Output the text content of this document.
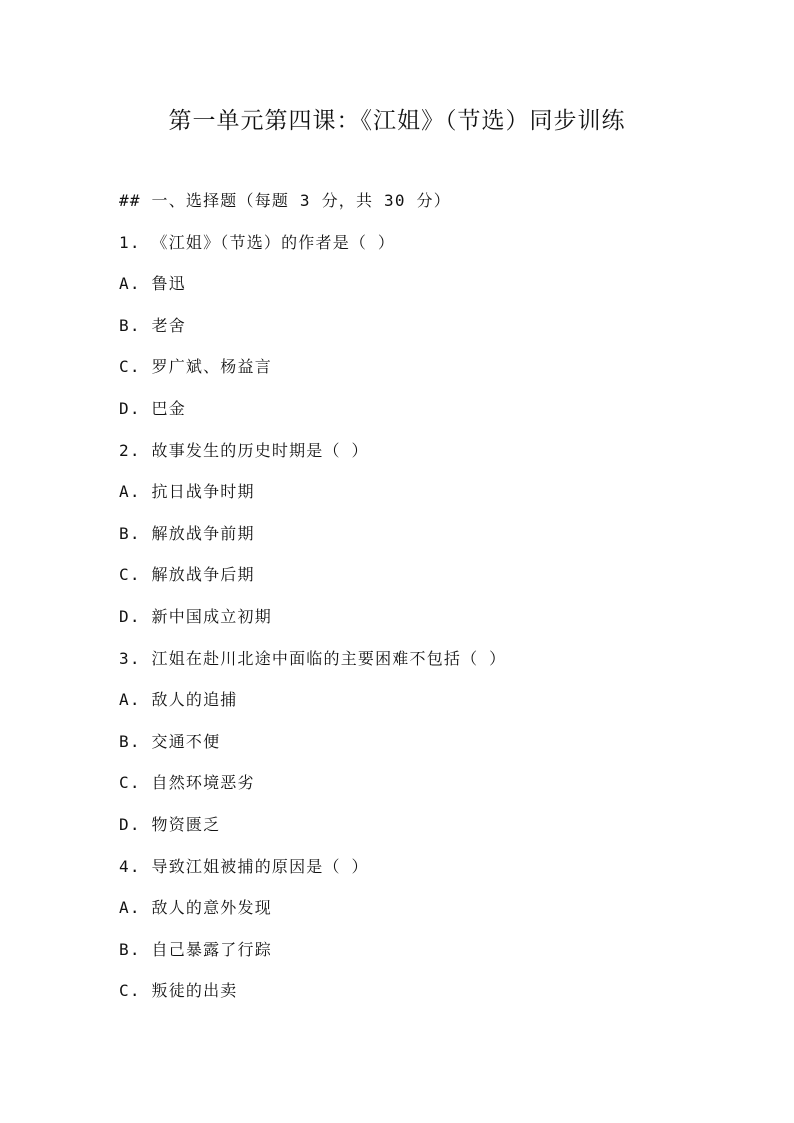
第一单元第四课：《江姐》（节选）同步训练
## 一、选择题（每题 3 分，共 30 分）
1. 《江姐》（节选）的作者是（ ）
A. 鲁迅
B. 老舍
C. 罗广斌、杨益言
D. 巴金
2. 故事发生的历史时期是（ ）
A. 抗日战争时期
B. 解放战争前期
C. 解放战争后期
D. 新中国成立初期
3. 江姐在赴川北途中面临的主要困难不包括（ ）
A. 敌人的追捕
B. 交通不便
C. 自然环境恶劣
D. 物资匮乏
4. 导致江姐被捕的原因是（ ）
A. 敌人的意外发现
B. 自己暴露了行踪
C. 叛徒的出卖
